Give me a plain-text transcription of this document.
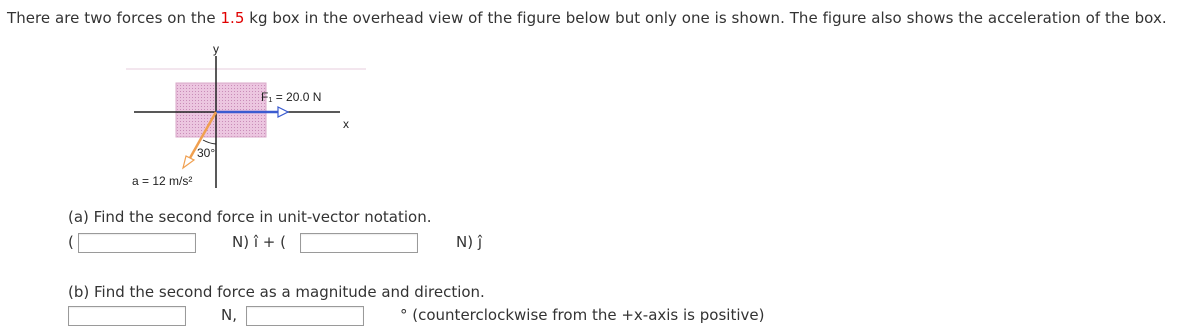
There are two forces on the 1.5 kg box in the overhead view of the figure below but only one is shown. The figure also shows the acceleration of the box.
y
x
F₁ = 20.0 N
30°
a = 12 m/s²
(a) Find the second force in unit-vector notation.
(	N) î + (	N) ĵ
(b) Find the second force as a magnitude and direction.
N,	° (counterclockwise from the +x-axis is positive)
